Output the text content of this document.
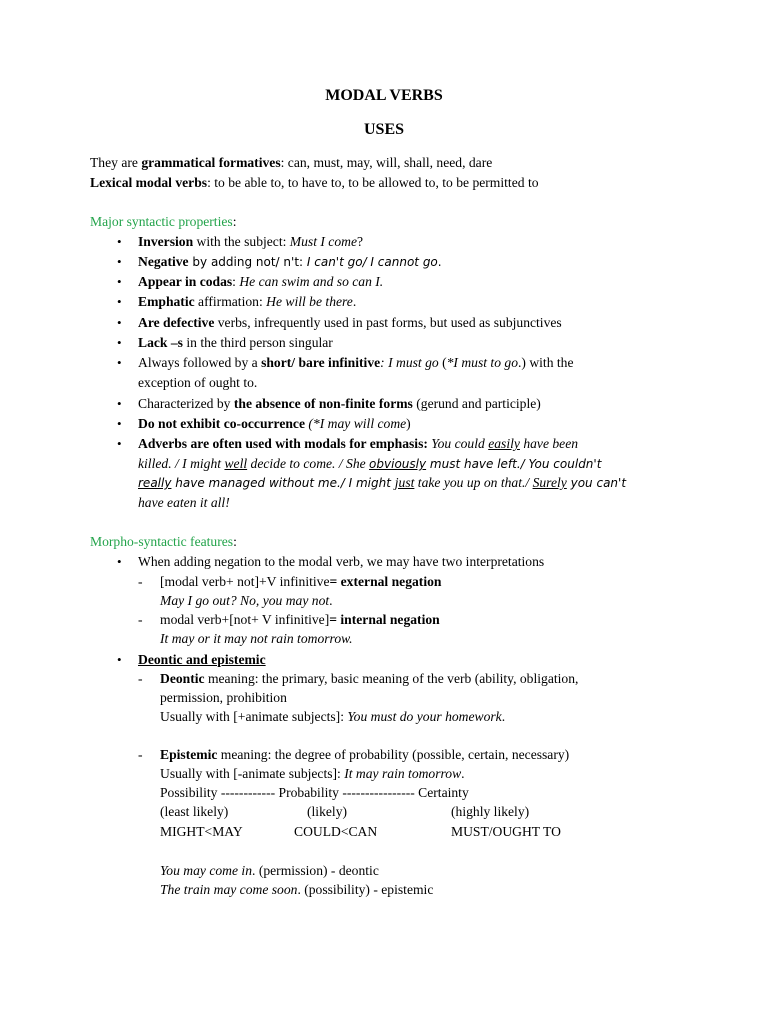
MODAL VERBS
USES
They are grammatical formatives: can, must, may, will, shall, need, dare
Lexical modal verbs: to be able to, to have to, to be allowed to, to be permitted to
Major syntactic properties:
• Inversion with the subject: Must I come?
• Negative by adding not/ n't: I can't go/ I cannot go.
• Appear in codas: He can swim and so can I.
• Emphatic affirmation: He will be there.
• Are defective verbs, infrequently used in past forms, but used as subjunctives
• Lack –s in the third person singular
• Always followed by a short/ bare infinitive: I must go (*I must to go.) with the
exception of ought to.
• Characterized by the absence of non-finite forms (gerund and participle)
• Do not exhibit co-occurrence (*I may will come)
• Adverbs are often used with modals for emphasis: You could easily have been
killed. / I might well decide to come. / She obviously must have left./ You couldn't
really have managed without me./ I might just take you up on that./ Surely you can't
have eaten it all!
Morpho-syntactic features:
• When adding negation to the modal verb, we may have two interpretations
- [modal verb+ not]+V infinitive= external negation
May I go out? No, you may not.
- modal verb+[not+ V infinitive]= internal negation
It may or it may not rain tomorrow.
• Deontic and epistemic
- Deontic meaning: the primary, basic meaning of the verb (ability, obligation,
permission, prohibition
Usually with [+animate subjects]: You must do your homework.
- Epistemic meaning: the degree of probability (possible, certain, necessary)
Usually with [-animate subjects]: It may rain tomorrow.
Possibility ------------ Probability ---------------- Certainty
(least likely)	(likely)	(highly likely)
MIGHT<MAY	COULD<CAN	MUST/OUGHT TO
You may come in. (permission) - deontic
The train may come soon. (possibility) - epistemic
